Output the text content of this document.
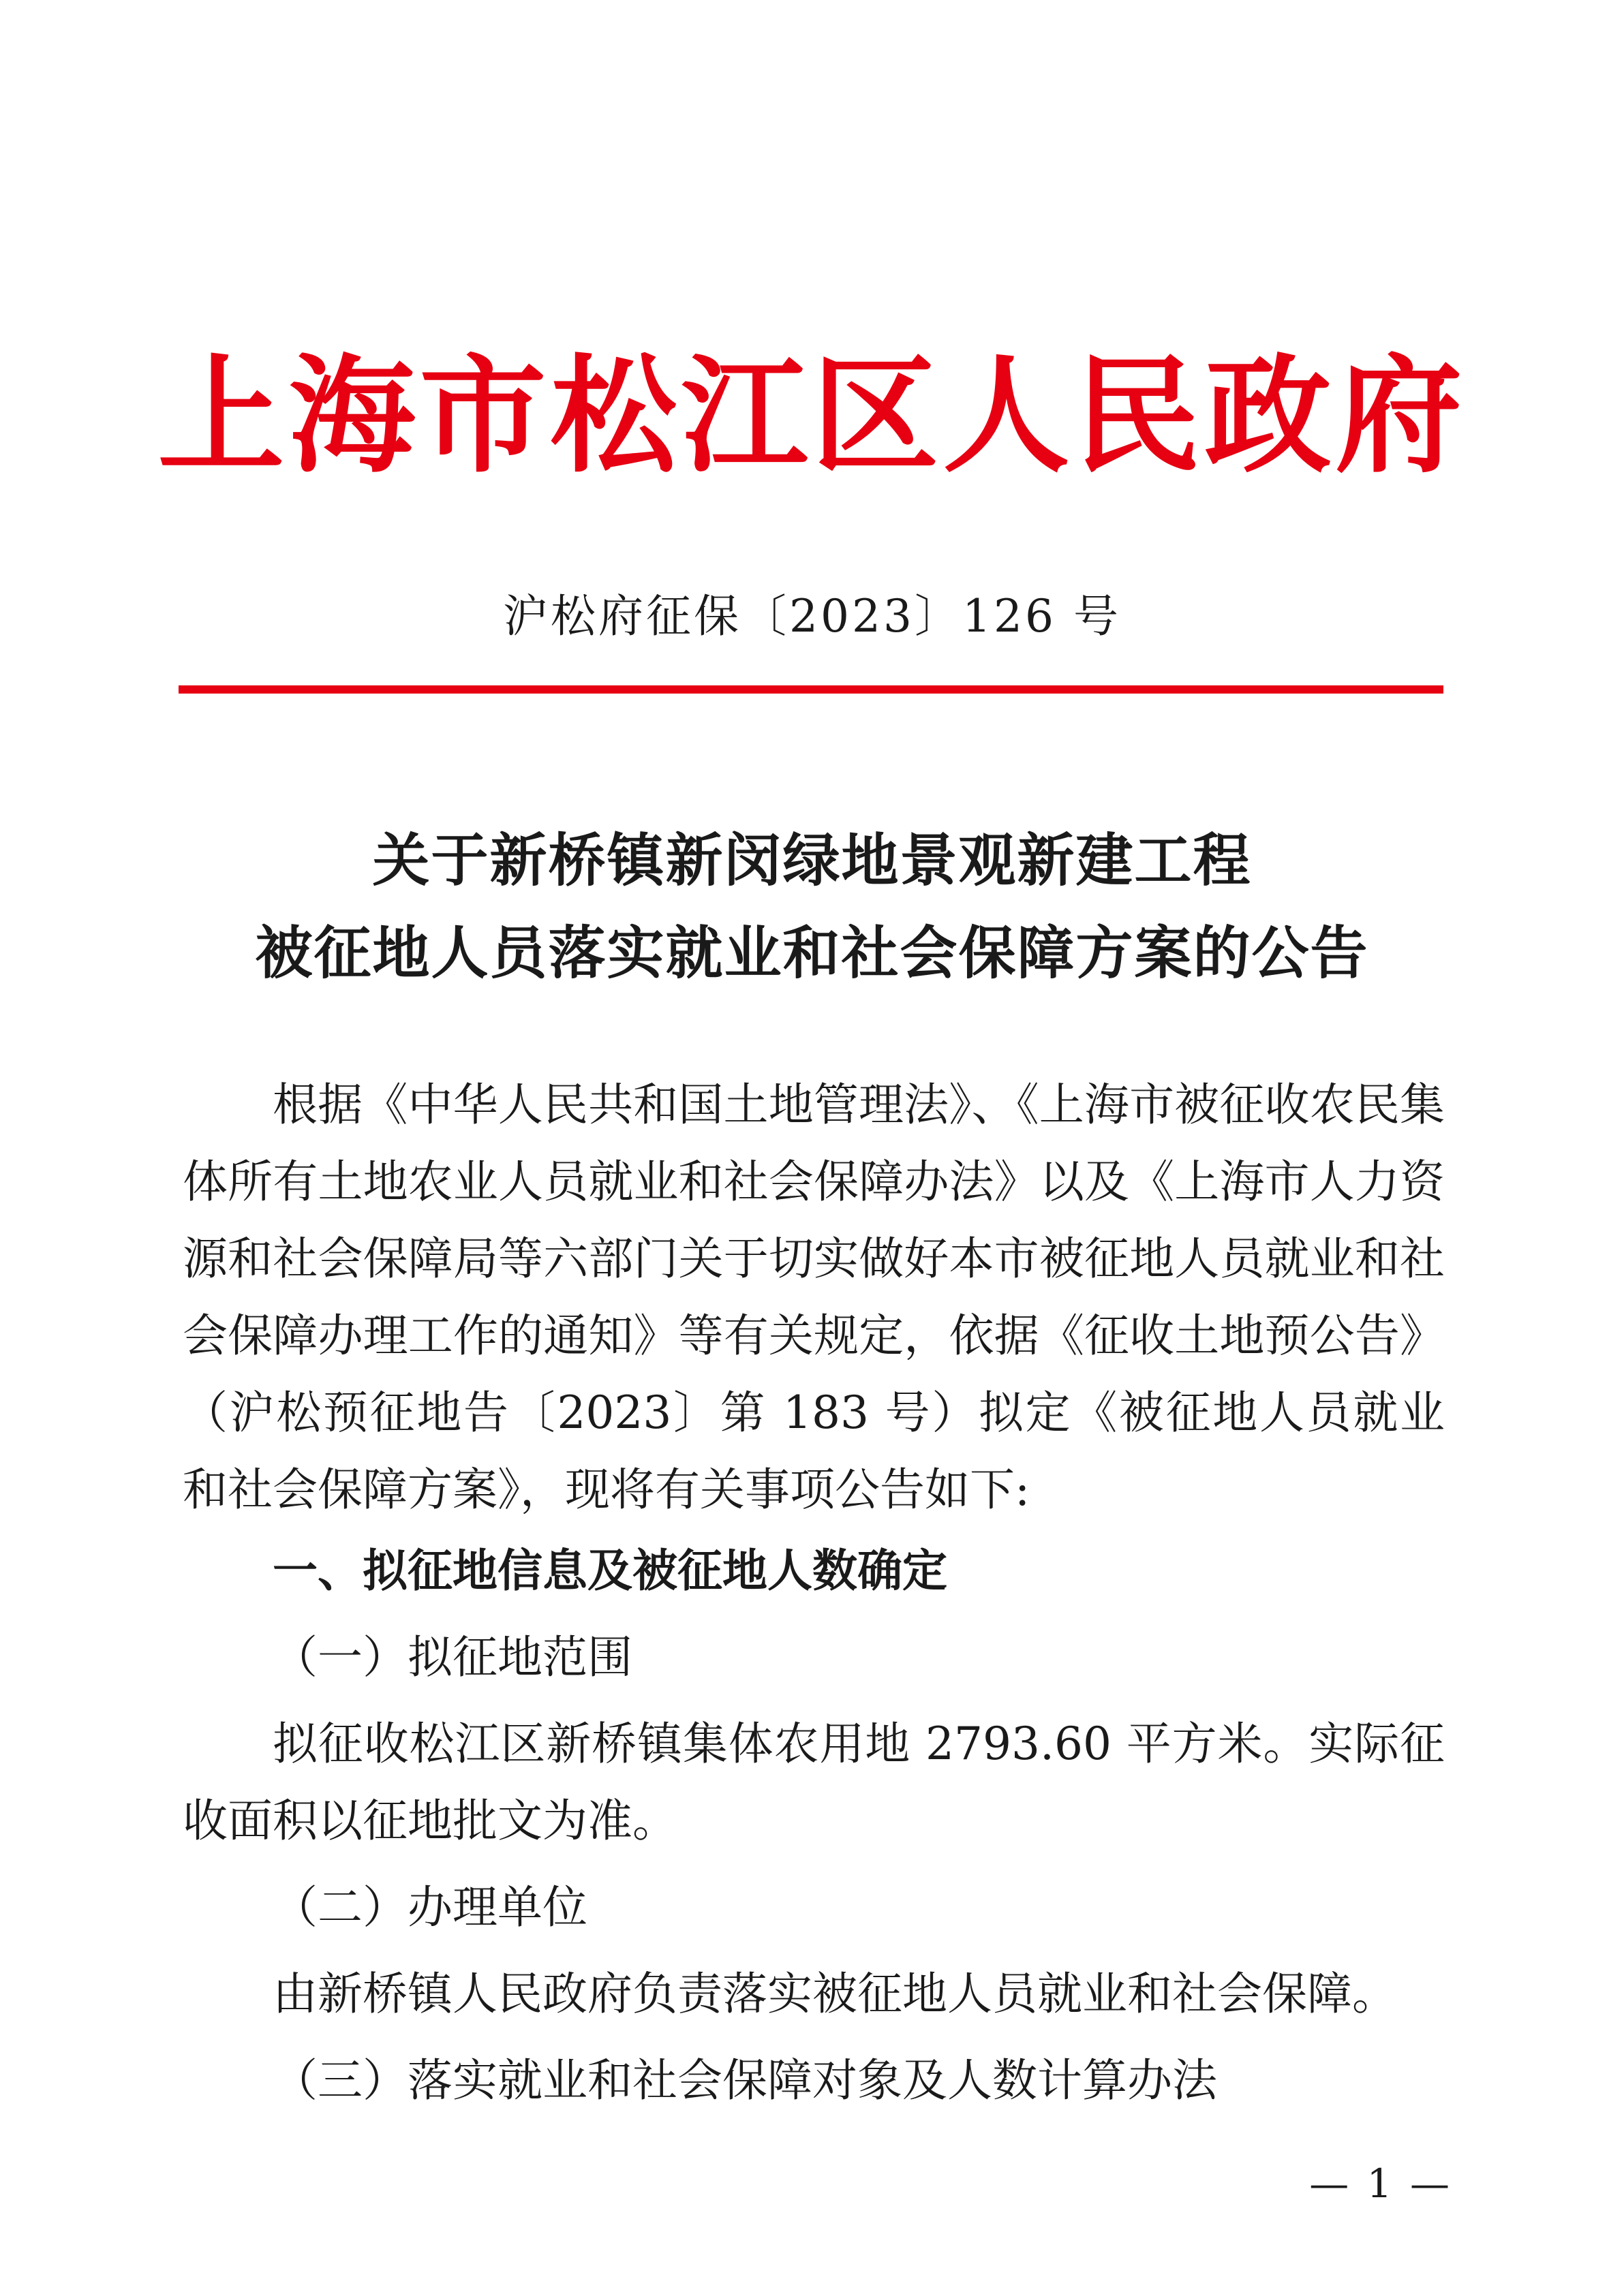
上海市松江区人民政府
沪松府征保〔2023〕126 号
关于新桥镇新闵绿地景观新建工程
被征地人员落实就业和社会保障方案的公告

根据《中华人民共和国土地管理法》、《上海市被征收农民集体所有土地农业人员就业和社会保障办法》以及《上海市人力资源和社会保障局等六部门关于切实做好本市被征地人员就业和社会保障办理工作的通知》等有关规定，依据《征收土地预公告》（沪松预征地告〔2023〕第 183 号）拟定《被征地人员就业和社会保障方案》，现将有关事项公告如下:

一、拟征地信息及被征地人数确定

（一）拟征地范围

拟征收松江区新桥镇集体农用地 2793.60 平方米。实际征收面积以征地批文为准。

（二）办理单位

由新桥镇人民政府负责落实被征地人员就业和社会保障。

（三）落实就业和社会保障对象及人数计算办法

— 1 —
